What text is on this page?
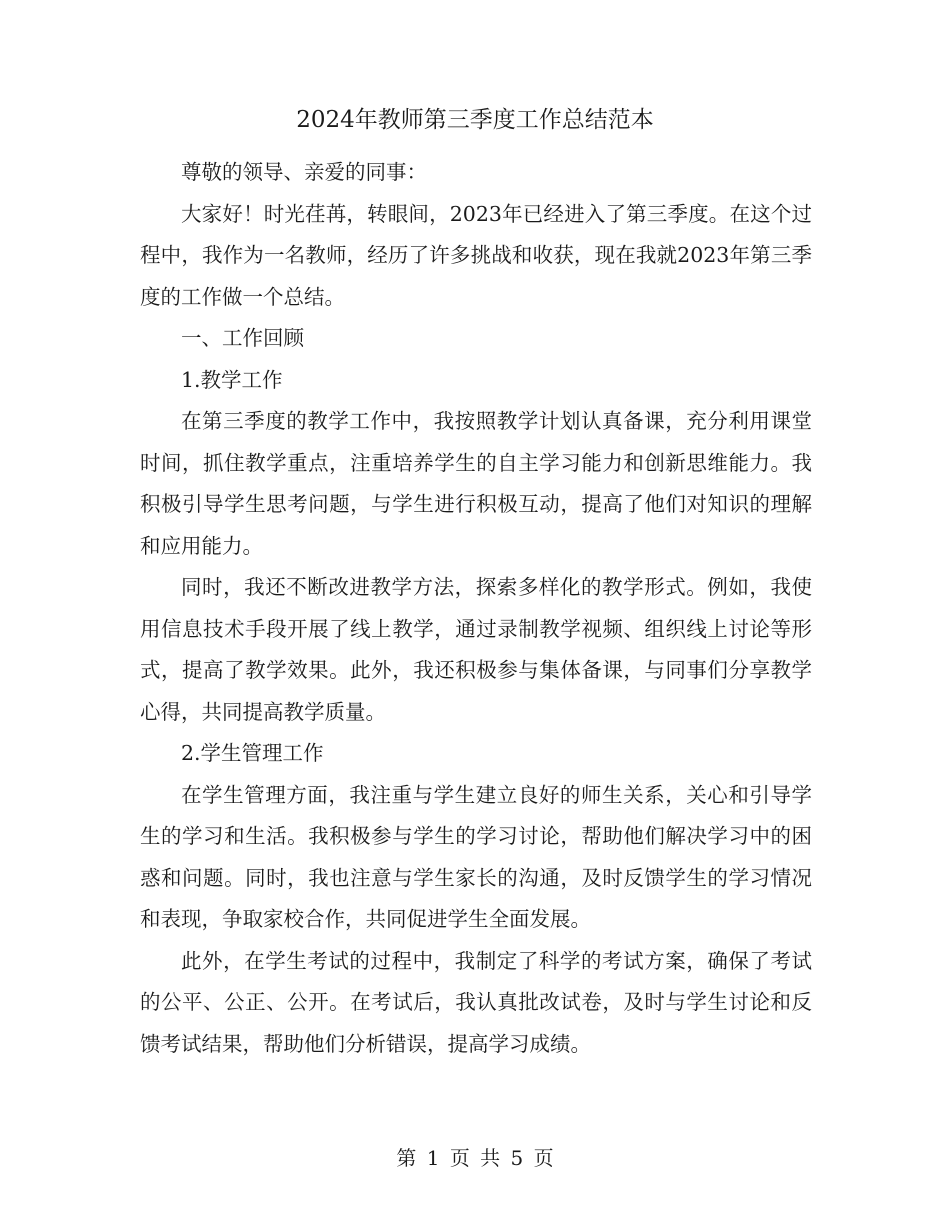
2024年教师第三季度工作总结范本

尊敬的领导、亲爱的同事：

大家好！时光荏苒，转眼间，2023年已经进入了第三季度。在这个过程中，我作为一名教师，经历了许多挑战和收获，现在我就2023年第三季度的工作做一个总结。

一、工作回顾

1.教学工作

在第三季度的教学工作中，我按照教学计划认真备课，充分利用课堂时间，抓住教学重点，注重培养学生的自主学习能力和创新思维能力。我积极引导学生思考问题，与学生进行积极互动，提高了他们对知识的理解和应用能力。

同时，我还不断改进教学方法，探索多样化的教学形式。例如，我使用信息技术手段开展了线上教学，通过录制教学视频、组织线上讨论等形式，提高了教学效果。此外，我还积极参与集体备课，与同事们分享教学心得，共同提高教学质量。

2.学生管理工作

在学生管理方面，我注重与学生建立良好的师生关系，关心和引导学生的学习和生活。我积极参与学生的学习讨论，帮助他们解决学习中的困惑和问题。同时，我也注意与学生家长的沟通，及时反馈学生的学习情况和表现，争取家校合作，共同促进学生全面发展。

此外，在学生考试的过程中，我制定了科学的考试方案，确保了考试的公平、公正、公开。在考试后，我认真批改试卷，及时与学生讨论和反馈考试结果，帮助他们分析错误，提高学习成绩。

第 1 页 共 5 页
